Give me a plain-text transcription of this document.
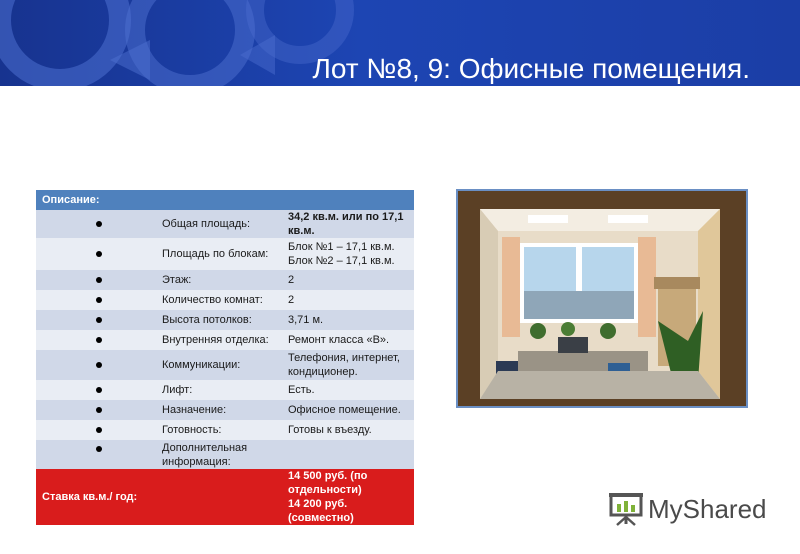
Лот №8, 9: Офисные помещения.
Описание:		
	Общая площадь:	34,2 кв.м. или по 17,1 кв.м.
	Площадь по блокам:	Блок №1 – 17,1 кв.м.
Блок №2 – 17,1 кв.м.

	Этаж:	2
	Количество комнат:	2
	Высота потолков:	3,71 м.
	Внутренняя отделка:	Ремонт класса «В».
	Коммуникации:	Телефония, интернет,
кондиционер.

	Лифт:	Есть.
	Назначение:	Офисное помещение.
	Готовность:	Готовы к въезду.

	Дополнительная
информация:	

Ставка кв.м./ год:		14 500 руб. (по отдельности)
14 200 руб. (совместно)	MyShared
